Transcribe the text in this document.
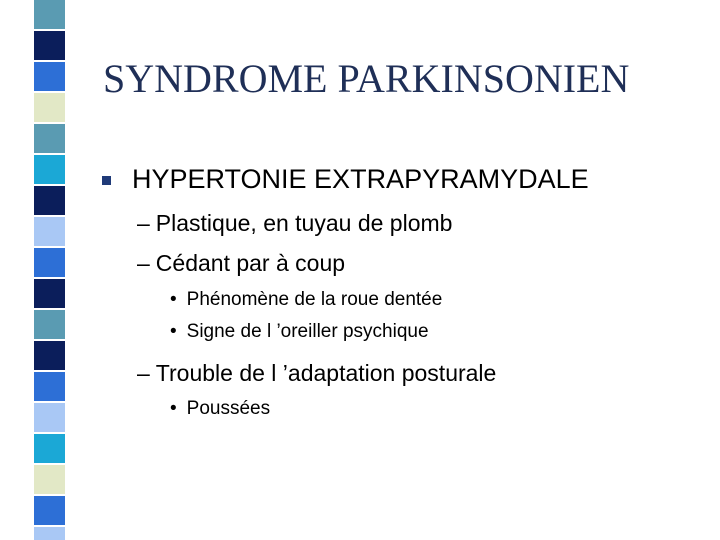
SYNDROME PARKINSONIEN
HYPERTONIE EXTRAPYRAMYDALE
– Plastique, en tuyau de plomb
– Cédant par à coup
• Phénomène de la roue dentée
• Signe de l ’oreiller psychique
– Trouble de l ’adaptation posturale
• Poussées
